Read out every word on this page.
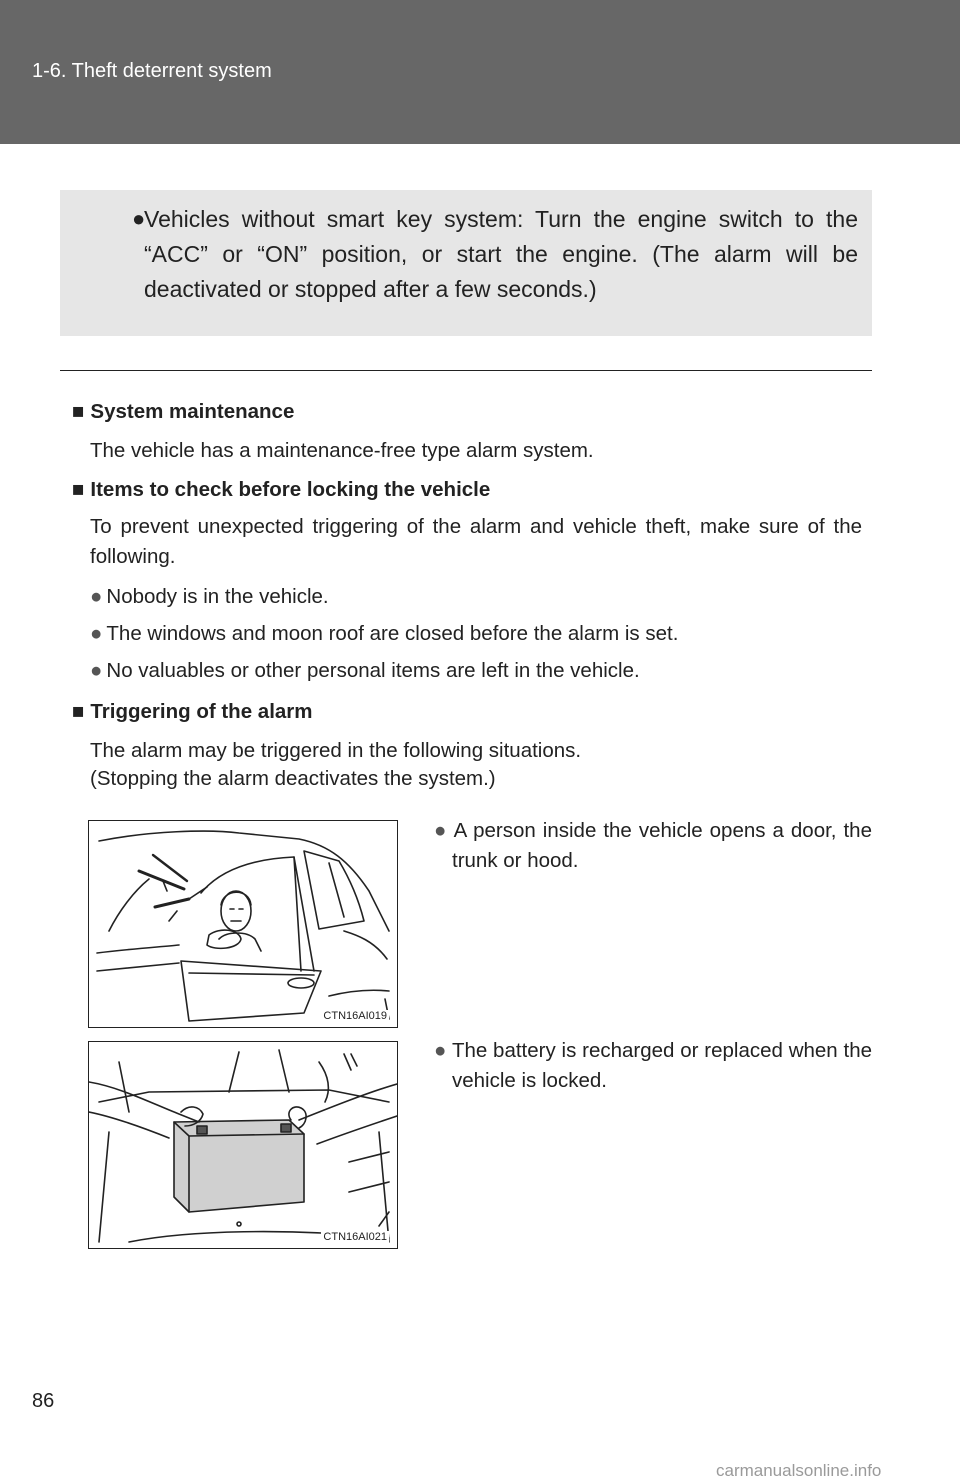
1-6. Theft deterrent system
●
Vehicles without smart key system: Turn the engine switch to the “ACC” or “ON” position, or start the engine. (The alarm will be deactivated or stopped after a few seconds.)
■ System maintenance
The vehicle has a maintenance-free type alarm system.
■ Items to check before locking the vehicle
To prevent unexpected triggering of the alarm and vehicle theft, make sure of the following.
● Nobody is in the vehicle.
● The windows and moon roof are closed before the alarm is set.
● No valuables or other personal items are left in the vehicle.
■ Triggering of the alarm
The alarm may be triggered in the following situations.
(Stopping the alarm deactivates the system.)
CTN16AI019
● A person inside the vehicle opens a door, the trunk or hood.
CTN16AI021
● The battery is recharged or replaced when the vehicle is locked.
86
carmanualsonline.info
